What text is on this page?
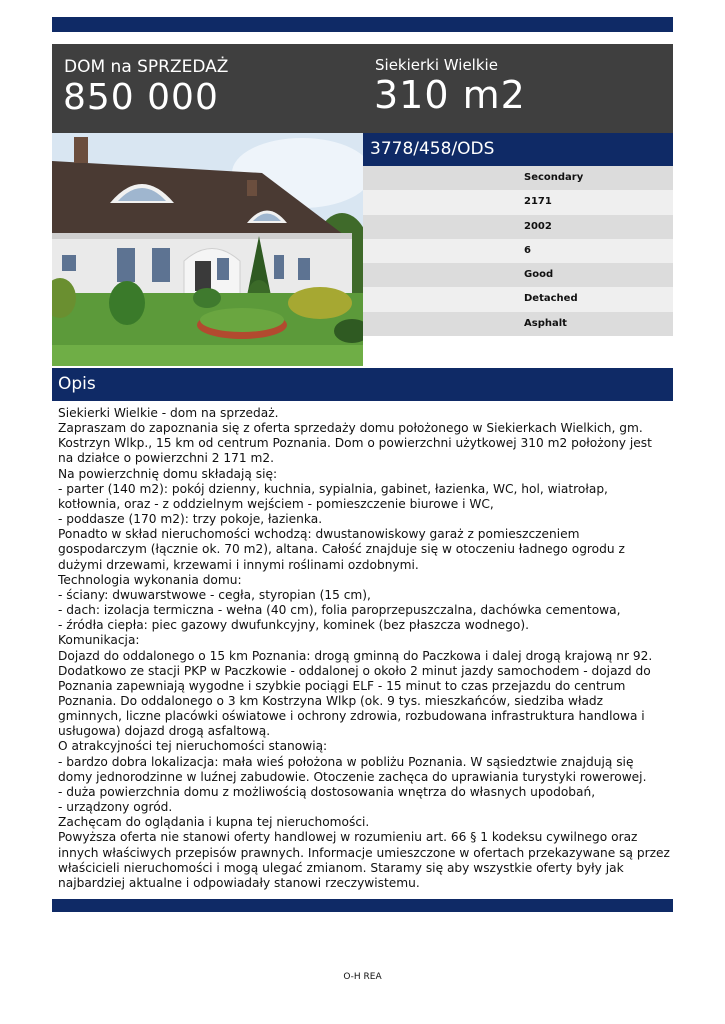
DOM na SPRZEDAŻ
850 000
Siekierki Wielkie
310 m2
3778/458/ODS
Secondary
2171
2002
6
Good
Detached
Asphalt
Opis

Siekierki Wielkie - dom na sprzedaż.

Zapraszam do zapoznania się z oferta sprzedaży domu położonego w Siekierkach Wielkich, gm. Kostrzyn Wlkp., 15 km od centrum Poznania. Dom o powierzchni użytkowej 310 m2 położony jest na działce o powierzchni 2 171 m2.

Na powierzchnię domu składają się:

- parter (140 m2): pokój dzienny, kuchnia, sypialnia, gabinet, łazienka, WC, hol, wiatrołap, kotłownia, oraz - z oddzielnym wejściem - pomieszczenie biurowe i WC,

- poddasze (170 m2): trzy pokoje, łazienka.

Ponadto w skład nieruchomości wchodzą: dwustanowiskowy garaż z pomieszczeniem gospodarczym (łącznie ok. 70 m2), altana. Całość znajduje się w otoczeniu ładnego ogrodu z dużymi drzewami, krzewami i innymi roślinami ozdobnymi.

Technologia wykonania domu:

- ściany: dwuwarstwowe - cegła, styropian (15 cm),

- dach: izolacja termiczna - wełna (40 cm), folia paroprzepuszczalna, dachówka cementowa,

- źródła ciepła: piec gazowy dwufunkcyjny, kominek (bez płaszcza wodnego).

Komunikacja:

Dojazd do oddalonego o 15 km Poznania: drogą gminną do Paczkowa i dalej drogą krajową nr 92. Dodatkowo ze stacji PKP w Paczkowie - oddalonej o około 2 minut jazdy samochodem - dojazd do Poznania zapewniają wygodne i szybkie pociągi ELF - 15 minut to czas przejazdu do centrum Poznania. Do oddalonego o 3 km Kostrzyna Wlkp (ok. 9 tys. mieszkańców, siedziba władz gminnych, liczne placówki oświatowe i ochrony zdrowia, rozbudowana infrastruktura handlowa i usługowa) dojazd drogą asfaltową.

O atrakcyjności tej nieruchomości stanowią:

- bardzo dobra lokalizacja: mała wieś położona w pobliżu Poznania. W sąsiedztwie znajdują się domy jednorodzinne w luźnej zabudowie. Otoczenie zachęca do uprawiania turystyki rowerowej.

- duża powierzchnia domu z możliwością dostosowania wnętrza do własnych upodobań,

- urządzony ogród.

Zachęcam do oglądania i kupna tej nieruchomości.

Powyższa oferta nie stanowi oferty handlowej w rozumieniu art. 66 § 1 kodeksu cywilnego oraz innych właściwych przepisów prawnych. Informacje umieszczone w ofertach przekazywane są przez właścicieli nieruchomości i mogą ulegać zmianom. Staramy się aby wszystkie oferty były jak najbardziej aktualne i odpowiadały stanowi rzeczywistemu.

O-H REA
